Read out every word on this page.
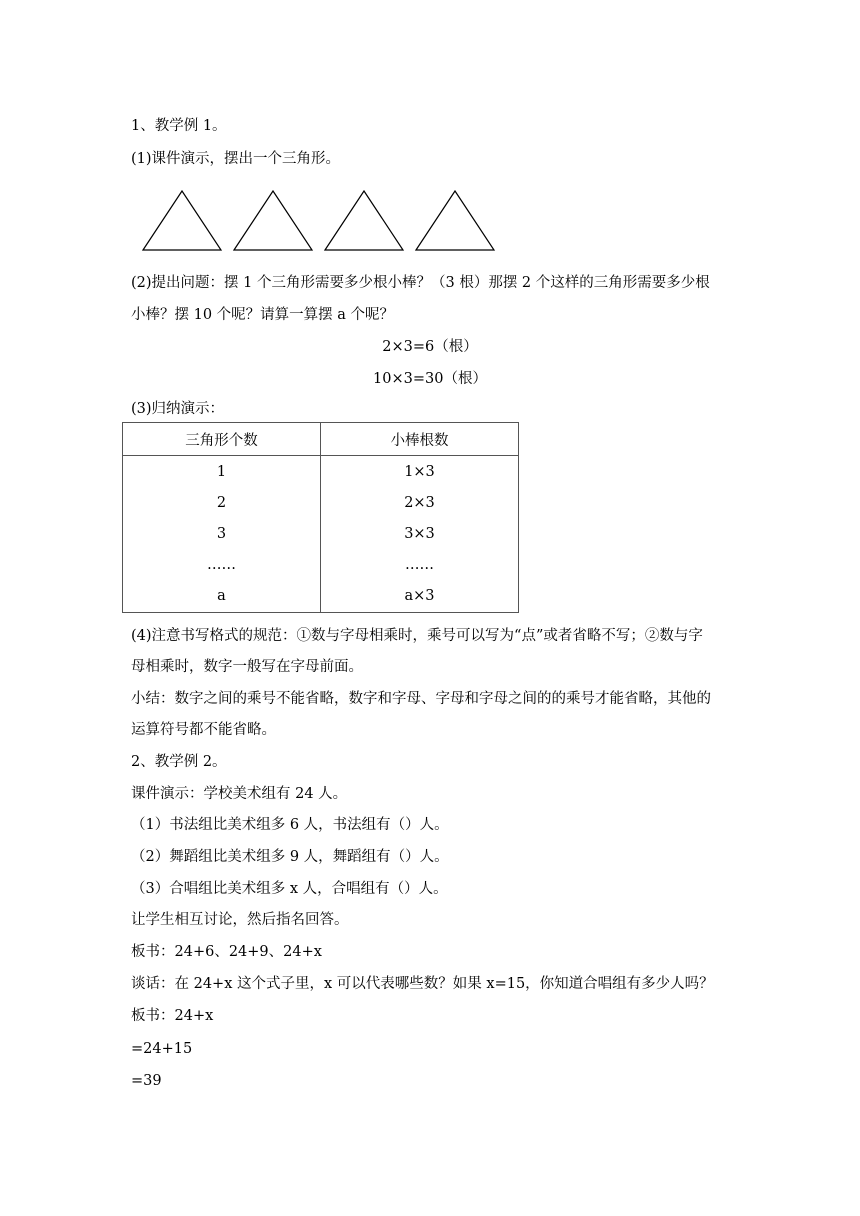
1、教学例 1。
(1)课件演示，摆出一个三角形。
(2)提出问题：摆 1 个三角形需要多少根小棒？（3 根）那摆 2 个这样的三角形需要多少根
小棒？摆 10 个呢？请算一算摆 a 个呢？
2×3=6（根）
10×3=30（根）
(3)归纳演示：
三角形个数	小棒根数
1	1×3
2	2×3
3	3×3
……	……
a	a×3
(4)注意书写格式的规范：①数与字母相乘时，乘号可以写为“点”或者省略不写；②数与字
母相乘时，数字一般写在字母前面。
小结：数字之间的乘号不能省略，数字和字母、字母和字母之间的的乘号才能省略，其他的
运算符号都不能省略。
2、教学例 2。
课件演示：学校美术组有 24 人。
（1）书法组比美术组多 6 人，书法组有（）人。
（2）舞蹈组比美术组多 9 人，舞蹈组有（）人。
（3）合唱组比美术组多 x 人，合唱组有（）人。
让学生相互讨论，然后指名回答。
板书：24+6、24+9、24+x
谈话：在 24+x 这个式子里，x 可以代表哪些数？如果 x=15，你知道合唱组有多少人吗？
板书：24+x
=24+15
=39
